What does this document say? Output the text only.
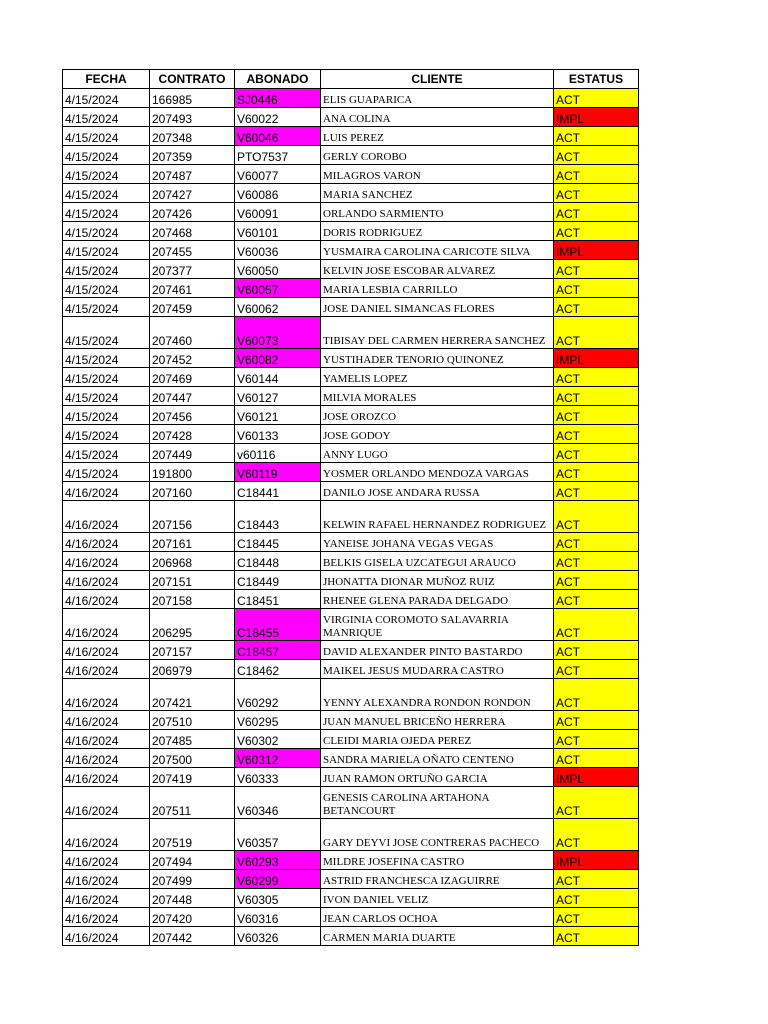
FECHA	CONTRATO	ABONADO	CLIENTE	ESTATUS
4/15/2024	166985	SJ0446	ELIS GUAPARICA	ACT
4/15/2024	207493	V60022	ANA COLINA	IMPL
4/15/2024	207348	V60046	LUIS PEREZ	ACT
4/15/2024	207359	PTO7537	GERLY COROBO	ACT
4/15/2024	207487	V60077	MILAGROS VARON	ACT
4/15/2024	207427	V60086	MARIA SANCHEZ	ACT
4/15/2024	207426	V60091	ORLANDO SARMIENTO	ACT
4/15/2024	207468	V60101	DORIS RODRIGUEZ	ACT
4/15/2024	207455	V60036	YUSMAIRA CAROLINA CARICOTE SILVA	IMPL
4/15/2024	207377	V60050	KELVIN JOSE ESCOBAR ALVAREZ	ACT
4/15/2024	207461	V60057	MARIA LESBIA CARRILLO	ACT
4/15/2024	207459	V60062	JOSE DANIEL SIMANCAS FLORES	ACT
4/15/2024	207460	V60073	TIBISAY DEL CARMEN HERRERA SANCHEZ	ACT
4/15/2024	207452	V60082	YUSTIHADER TENORIO QUINONEZ	IMPL
4/15/2024	207469	V60144	YAMELIS LOPEZ	ACT
4/15/2024	207447	V60127	MILVIA MORALES	ACT
4/15/2024	207456	V60121	JOSE OROZCO	ACT
4/15/2024	207428	V60133	JOSE GODOY	ACT
4/15/2024	207449	v60116	ANNY LUGO	ACT
4/15/2024	191800	V60119	YOSMER ORLANDO MENDOZA VARGAS	ACT
4/16/2024	207160	C18441	DANILO JOSE ANDARA RUSSA	ACT
4/16/2024	207156	C18443	KELWIN RAFAEL HERNANDEZ RODRIGUEZ	ACT
4/16/2024	207161	C18445	YANEISE JOHANA VEGAS VEGAS	ACT
4/16/2024	206968	C18448	BELKIS GISELA UZCATEGUI ARAUCO	ACT
4/16/2024	207151	C18449	JHONATTA DIONAR MUÑOZ RUIZ	ACT
4/16/2024	207158	C18451	RHENEE GLENA PARADA DELGADO	ACT
4/16/2024	206295	C18455	VIRGINIA COROMOTO SALAVARRIA MANRIQUE	ACT
4/16/2024	207157	C18457	DAVID ALEXANDER PINTO BASTARDO	ACT
4/16/2024	206979	C18462	MAIKEL JESUS MUDARRA CASTRO	ACT
4/16/2024	207421	V60292	YENNY ALEXANDRA RONDON RONDON	ACT
4/16/2024	207510	V60295	JUAN MANUEL BRICEÑO HERRERA	ACT
4/16/2024	207485	V60302	CLEIDI MARIA OJEDA PEREZ	ACT
4/16/2024	207500	V60312	SANDRA MARIELA OÑATO CENTENO	ACT
4/16/2024	207419	V60333	JUAN RAMON ORTUÑO GARCIA	IMPL
4/16/2024	207511	V60346	GENESIS CAROLINA ARTAHONA BETANCOURT	ACT
4/16/2024	207519	V60357	GARY DEYVI JOSE CONTRERAS PACHECO	ACT
4/16/2024	207494	V60293	MILDRE JOSEFINA CASTRO	IMPL
4/16/2024	207499	V60299	ASTRID FRANCHESCA IZAGUIRRE	ACT
4/16/2024	207448	V60305	IVON DANIEL VELIZ	ACT
4/16/2024	207420	V60316	JEAN CARLOS OCHOA	ACT
4/16/2024	207442	V60326	CARMEN MARIA DUARTE	ACT
